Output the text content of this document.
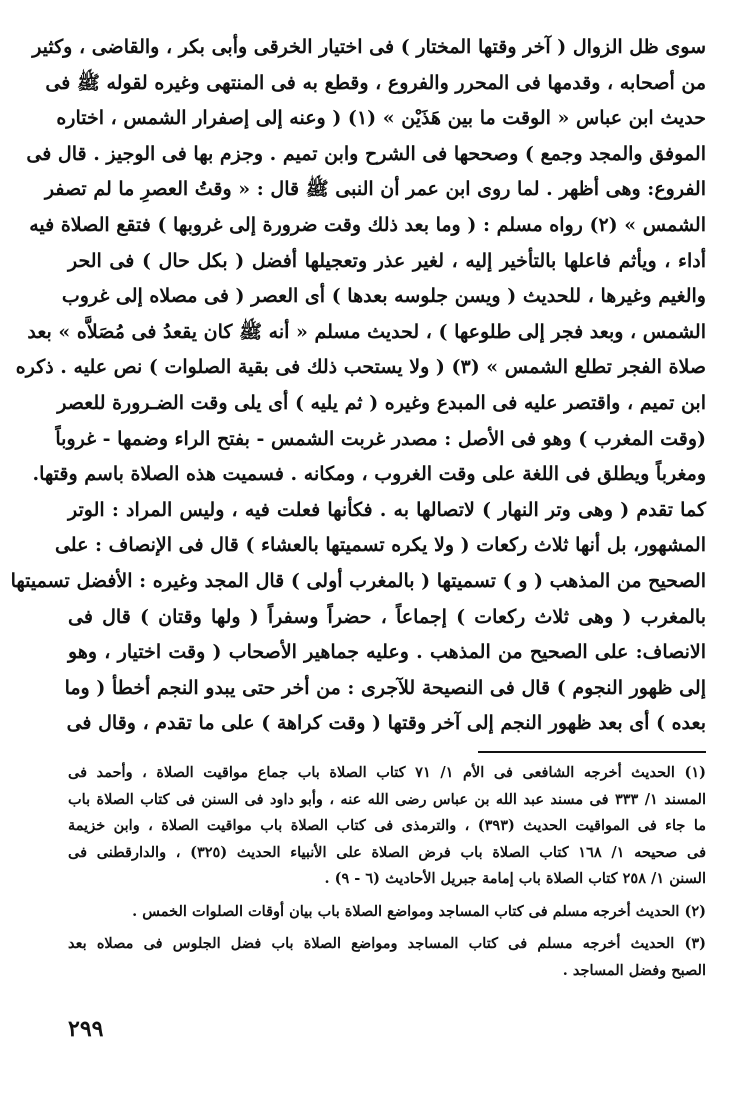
سوى ظل الزوال ( آخر وقتها المختار ) فى اختيار الخرقى وأبى بكر ، والقاضى ، وكثير
من أصحابه ، وقدمها فى المحرر والفروع ، وقطع به فى المنتهى وغيره لقوله ﷺ فى
حديث ابن عباس « الوقت ما بين هَذَيْن » (١) ( وعنه إلى إصفرار الشمس ، اختاره
الموفق والمجد وجمع ) وصححها فى الشرح وابن تميم . وجزم بها فى الوجيز . قال فى
الفروع: وهى أظهر . لما روى ابن عمر أن النبى ﷺ قال : « وقتُ العصرِ ما لم تصفر
الشمس » (٢) رواه مسلم : ( وما بعد ذلك وقت ضرورة إلى غروبها ) فتقع الصلاة فيه
أداء ، ويأثم فاعلها بالتأخير إليه ، لغير عذر وتعجيلها أفضل ( بكل حال ) فى الحر
والغيم وغيرها ، للحديث ( ويسن جلوسه بعدها ) أى العصر ( فى مصلاه إلى غروب
الشمس ، وبعد فجر إلى طلوعها ) ، لحديث مسلم « أنه ﷺ كان يقعدُ فى مُصَلاَّه » بعد
صلاة الفجر تطلع الشمس » (٣) ( ولا يستحب ذلك فى بقية الصلوات ) نص عليه . ذكره
ابن تميم ، واقتصر عليه فى المبدع وغيره ( ثم يليه ) أى يلى وقت الضـرورة للعصر
(وقت المغرب ) وهو فى الأصل : مصدر غربت الشمس - بفتح الراء وضمها - غروباً
ومغرباً ويطلق فى اللغة على وقت الغروب ، ومكانه . فسميت هذه الصلاة باسم وقتها.
كما تقدم ( وهى وتر النهار ) لاتصالها به . فكأنها فعلت فيه ، وليس المراد : الوتر
المشهور، بل أنها ثلاث ركعات ( ولا يكره تسميتها بالعشاء ) قال فى الإنصاف : على
الصحيح من المذهب ( و ) تسميتها ( بالمغرب أولى ) قال المجد وغيره : الأفضل تسميتها
بالمغرب ( وهى ثلاث ركعات ) إجماعاً ، حضراً وسفراً ( ولها وقتان ) قال فى
الانصاف: على الصحيح من المذهب . وعليه جماهير الأصحاب ( وقت اختيار ، وهو
إلى ظهور النجوم ) قال فى النصيحة للآجرى : من أخر حتى يبدو النجم أخطأ ( وما
بعده ) أى بعد ظهور النجم إلى آخر وقتها ( وقت كراهة ) على ما تقدم ، وقال فى
(١) الحديث أخرجه الشافعى فى الأم ١/ ٧١ كتاب الصلاة باب جماع مواقيت الصلاة ، وأحمد فى
المسند ١/ ٣٣٣ فى مسند عبد الله بن عباس رضى الله عنه ، وأبو داود فى السنن فى كتاب الصلاة باب
ما جاء فى المواقيت الحديث (٣٩٣) ، والترمذى فى كتاب الصلاة باب مواقيت الصلاة ، وابن خزيمة
فى صحيحه ١/ ١٦٨ كتاب الصلاة باب فرض الصلاة على الأنبياء الحديث (٣٢٥) ، والدارقطنى فى
السنن ١/ ٢٥٨ كتاب الصلاة باب إمامة جبريل الأحاديث (٦ - ٩) .
(٢) الحديث أخرجه مسلم فى كتاب المساجد ومواضع الصلاة باب بيان أوقات الصلوات الخمس .
(٣) الحديث أخرجه مسلم فى كتاب المساجد ومواضع الصلاة باب فضل الجلوس فى مصلاه بعد
الصبح وفضل المساجد .
٢٩٩
